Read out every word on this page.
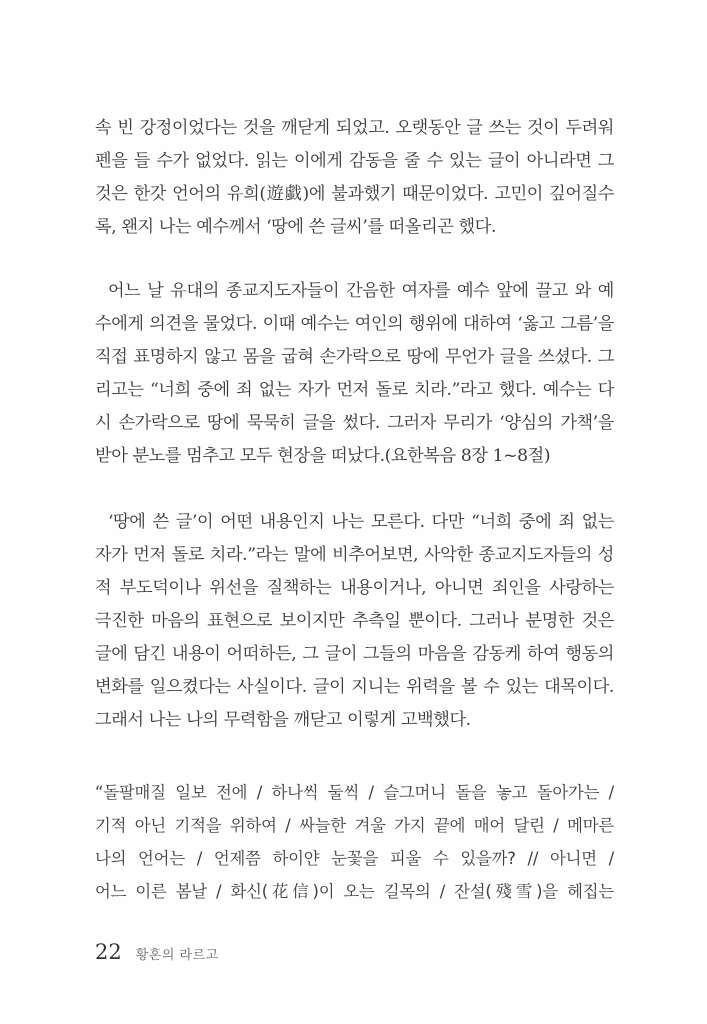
속 빈 강정이었다는 것을 깨닫게 되었고. 오랫동안 글 쓰는 것이 두려워
펜을 들 수가 없었다. 읽는 이에게 감동을 줄 수 있는 글이 아니라면 그
것은 한갓 언어의 유희(遊戱)에 불과했기 때문이었다. 고민이 깊어질수
록, 왠지 나는 예수께서 ‘땅에 쓴 글씨’를 떠올리곤 했다.
어느 날 유대의 종교지도자들이 간음한 여자를 예수 앞에 끌고 와 예
수에게 의견을 물었다. 이때 예수는 여인의 행위에 대하여 ‘옳고 그름’을
직접 표명하지 않고 몸을 굽혀 손가락으로 땅에 무언가 글을 쓰셨다. 그
리고는 “너희 중에 죄 없는 자가 먼저 돌로 치라.”라고 했다. 예수는 다
시 손가락으로 땅에 묵묵히 글을 썼다. 그러자 무리가 ‘양심의 가책’을
받아 분노를 멈추고 모두 현장을 떠났다.(요한복음 8장 1~8절)
‘땅에 쓴 글’이 어떤 내용인지 나는 모른다. 다만 “너희 중에 죄 없는
자가 먼저 돌로 치라.”라는 말에 비추어보면, 사악한 종교지도자들의 성
적 부도덕이나 위선을 질책하는 내용이거나, 아니면 죄인을 사랑하는
극진한 마음의 표현으로 보이지만 추측일 뿐이다. 그러나 분명한 것은
글에 담긴 내용이 어떠하든, 그 글이 그들의 마음을 감동케 하여 행동의
변화를 일으켰다는 사실이다. 글이 지니는 위력을 볼 수 있는 대목이다.
그래서 나는 나의 무력함을 깨닫고 이렇게 고백했다.
“돌팔매질 일보 전에 / 하나씩 둘씩 / 슬그머니 돌을 놓고 돌아가는 /
기적 아닌 기적을 위하여 / 싸늘한 겨울 가지 끝에 매어 달린 / 메마른
나의 언어는 / 언제쯤 하이얀 눈꽃을 피울 수 있을까? // 아니면 /
어느 이른 봄날 / 화신(花信)이 오는 길목의 / 잔설(殘雪)을 헤집는
22 황혼의 라르고
